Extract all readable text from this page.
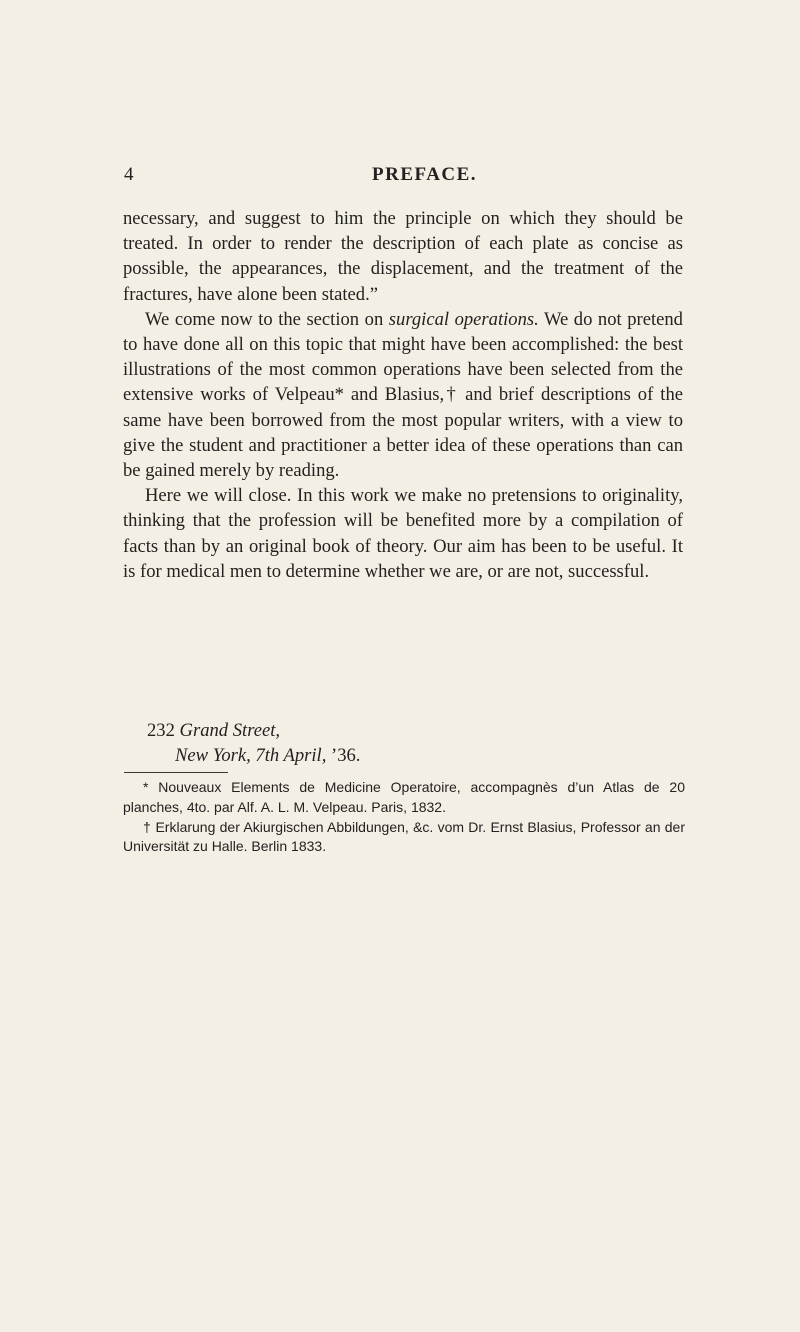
4	PREFACE.

necessary, and suggest to him the principle on which they should be treated. In order to render the description of each plate as concise as possible, the appearances, the displacement, and the treatment of the fractures, have alone been stated.”

We come now to the section on surgical operations. We do not pretend to have done all on this topic that might have been accomplished: the best illustrations of the most common operations have been selected from the extensive works of Velpeau* and Blasius,† and brief descriptions of the same have been borrowed from the most popular writers, with a view to give the student and practitioner a better idea of these operations than can be gained merely by reading.

Here we will close. In this work we make no pretensions to originality, thinking that the profession will be benefited more by a compilation of facts than by an original book of theory. Our aim has been to be useful. It is for medical men to determine whether we are, or are not, successful.

232 Grand Street,
New York, 7th April, ’36.

* Nouveaux Elements de Medicine Operatoire, accompagnès d’un Atlas de 20 planches, 4to. par Alf. A. L. M. Velpeau. Paris, 1832.

† Erklarung der Akiurgischen Abbildungen, &c. vom Dr. Ernst Blasius, Professor an der Universität zu Halle. Berlin 1833.
